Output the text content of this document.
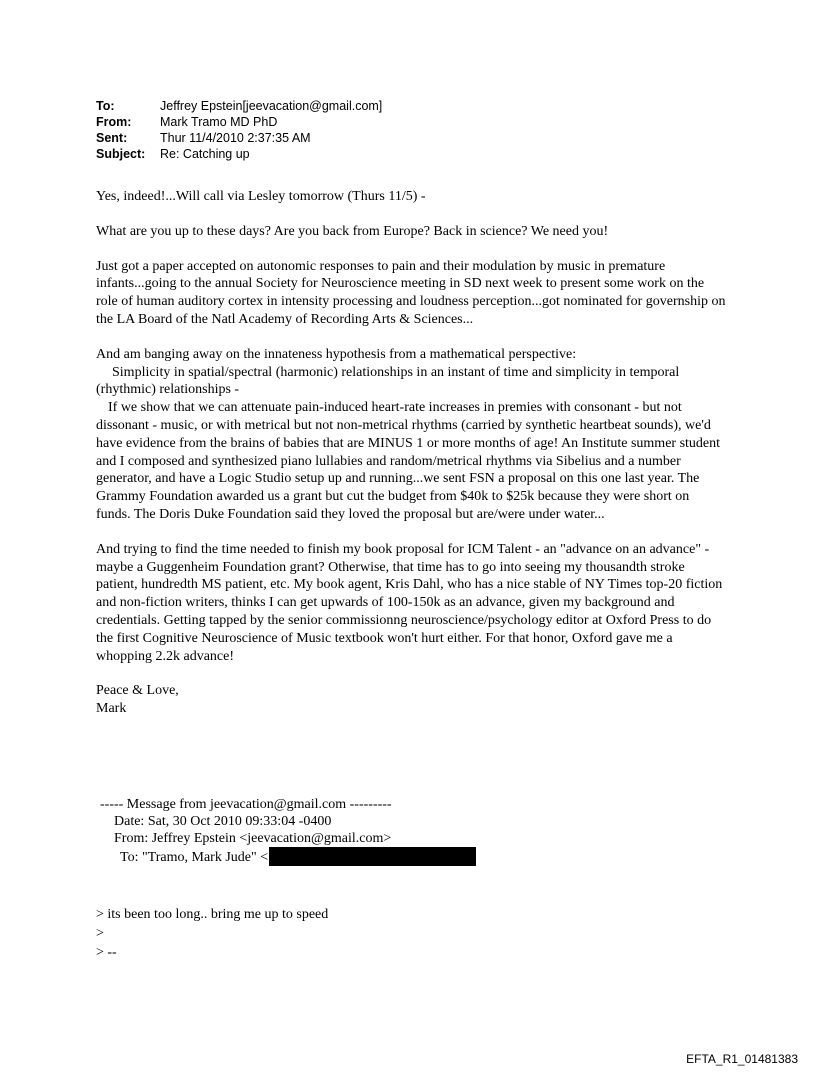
To:	Jeffrey Epstein[jeevacation@gmail.com]
From:	Mark Tramo MD PhD
Sent:	Thur 11/4/2010 2:37:35 AM
Subject:	Re: Catching up

Yes, indeed!...Will call via Lesley tomorrow (Thurs 11/5) -

What are you up to these days? Are you back from Europe? Back in science? We need you!

Just got a paper accepted on autonomic responses to pain and their modulation by music in premature infants...going to the annual Society for Neuroscience meeting in SD next week to present some work on the role of human auditory cortex in intensity processing and loudness perception...got nominated for governship on the LA Board of the Natl Academy of Recording Arts & Sciences...

And am banging away on the innateness hypothesis from a mathematical perspective:
Simplicity in spatial/spectral (harmonic) relationships in an instant of time and simplicity in temporal (rhythmic) relationships -
If we show that we can attenuate pain-induced heart-rate increases in premies with consonant - but not dissonant - music, or with metrical but not non-metrical rhythms (carried by synthetic heartbeat sounds), we'd have evidence from the brains of babies that are MINUS 1 or more months of age! An Institute summer student and I composed and synthesized piano lullabies and random/metrical rhythms via Sibelius and a number generator, and have a Logic Studio setup up and running...we sent FSN a proposal on this one last year. The Grammy Foundation awarded us a grant but cut the budget from $40k to $25k because they were short on funds. The Doris Duke Foundation said they loved the proposal but are/were under water...

And trying to find the time needed to finish my book proposal for ICM Talent - an "advance on an advance" - maybe a Guggenheim Foundation grant? Otherwise, that time has to go into seeing my thousandth stroke patient, hundredth MS patient, etc. My book agent, Kris Dahl, who has a nice stable of NY Times top-20 fiction and non-fiction writers, thinks I can get upwards of 100-150k as an advance, given my background and credentials. Getting tapped by the senior commissionng neuroscience/psychology editor at Oxford Press to do the first Cognitive Neuroscience of Music textbook won't hurt either. For that honor, Oxford gave me a whopping 2.2k advance!

Peace & Love,
Mark

----- Message from jeevacation@gmail.com ---------
Date: Sat, 30 Oct 2010 09:33:04 -0400
From: Jeffrey Epstein <jeevacation@gmail.com>
To: "Tramo, Mark Jude" <
> its been too long.. bring me up to speed
>
> --
EFTA_R1_01481383
